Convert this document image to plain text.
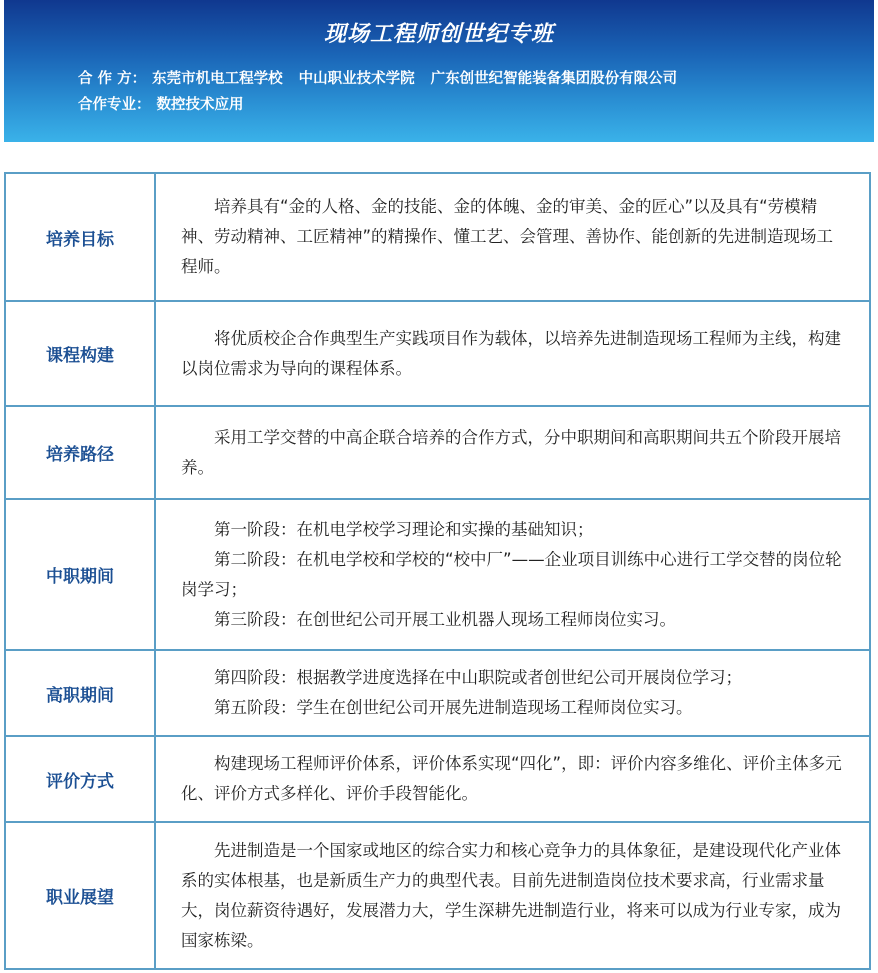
现场工程师创世纪专班
合 作 方： 东莞市机电工程学校 中山职业技术学院 广东创世纪智能装备集团股份有限公司
合作专业： 数控技术应用
培养目标	培养具有“金的人格、金的技能、金的体魄、金的审美、金的匠心”以及具有“劳模精神、劳动精神、工匠精神”的精操作、懂工艺、会管理、善协作、能创新的先进制造现场工程师。

课程构建	将优质校企合作典型生产实践项目作为载体，以培养先进制造现场工程师为主线，构建以岗位需求为导向的课程体系。

培养路径	采用工学交替的中高企联合培养的合作方式，分中职期间和高职期间共五个阶段开展培养。

中职期间	第一阶段：在机电学校学习理论和实操的基础知识；

第二阶段：在机电学校和学校的“校中厂”——企业项目训练中心进行工学交替的岗位轮岗学习；

第三阶段：在创世纪公司开展工业机器人现场工程师岗位实习。

高职期间	第四阶段：根据教学进度选择在中山职院或者创世纪公司开展岗位学习；

第五阶段：学生在创世纪公司开展先进制造现场工程师岗位实习。

评价方式	构建现场工程师评价体系，评价体系实现“四化”，即：评价内容多维化、评价主体多元化、评价方式多样化、评价手段智能化。

职业展望	先进制造是一个国家或地区的综合实力和核心竞争力的具体象征，是建设现代化产业体系的实体根基，也是新质生产力的典型代表。目前先进制造岗位技术要求高，行业需求量大，岗位薪资待遇好，发展潜力大，学生深耕先进制造行业，将来可以成为行业专家，成为国家栋梁。
